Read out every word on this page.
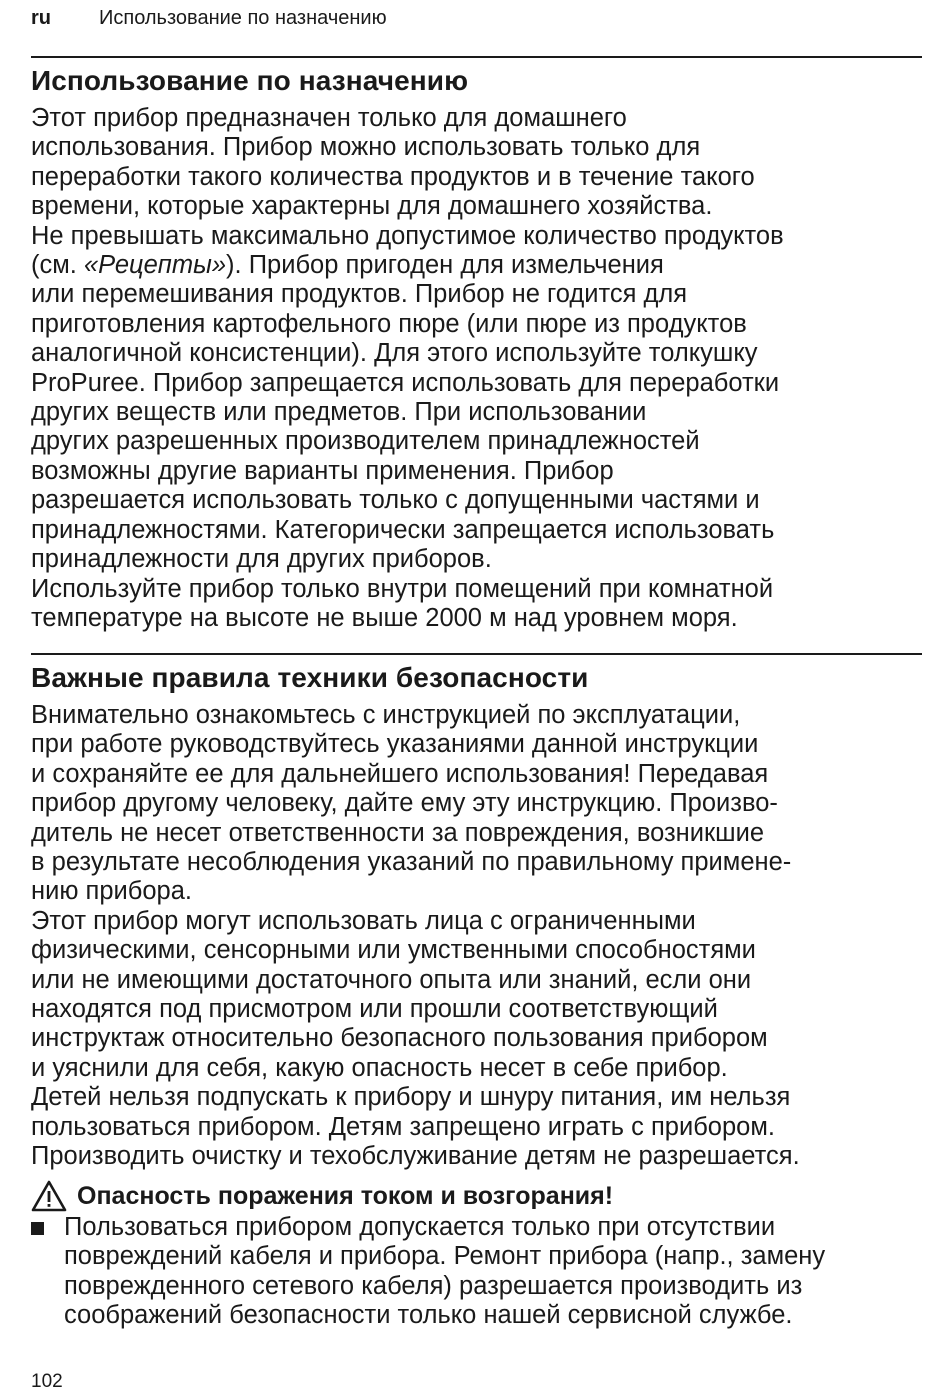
ru Использование по назначению
Использование по назначению

Этот прибор предназначен только для домашнего
использования. Прибор можно использовать только для
переработки такого количества продуктов и в течение такого
времени, которые характерны для домашнего хозяйства.
Не превышать максимально допустимое количество продуктов
(см. «Рецепты»). Прибор пригоден для измельчения
или перемешивания продуктов. Прибор не годится для
приготовления картофельного пюре (или пюре из продуктов
аналогичной консистенции). Для этого используйте толкушку
ProPuree. Прибор запрещается использовать для переработки
других веществ или предметов. При использовании
других разрешенных производителем принадлежностей
возможны другие варианты применения. Прибор
разрешается использовать только с допущенными частями и
принадлежностями. Категорически запрещается использовать
принадлежности для других приборов.
Используйте прибор только внутри помещений при комнатной
температуре на высоте не выше 2000 м над уровнем моря.

Важные правила техники безопасности

Внимательно ознакомьтесь с инструкцией по эксплуатации,
при работе руководствуйтесь указаниями данной инструкции
и сохраняйте ее для дальнейшего использования! Передавая
прибор другому человеку, дайте ему эту инструкцию. Произво-
дитель не несет ответственности за повреждения, возникшие
в результате несоблюдения указаний по правильному примене-
нию прибора.
Этот прибор могут использовать лица с ограниченными
физическими, сенсорными или умственными способностями
или не имеющими достаточного опыта или знаний, если они
находятся под присмотром или прошли соответствующий
инструктаж относительно безопасного пользования прибором
и уяснили для себя, какую опасность несет в себе прибор.
Детей нельзя подпускать к прибору и шнуру питания, им нельзя
пользоваться прибором. Детям запрещено играть с прибором.
Производить очистку и техобслуживание детям не разрешается.

Опасность поражения током и возгорания!

Пользоваться прибором допускается только при отсутствии
повреждений кабеля и прибора. Ремонт прибора (напр., замену
поврежденного сетевого кабеля) разрешается производить из
соображений безопасности только нашей сервисной службе.

102
